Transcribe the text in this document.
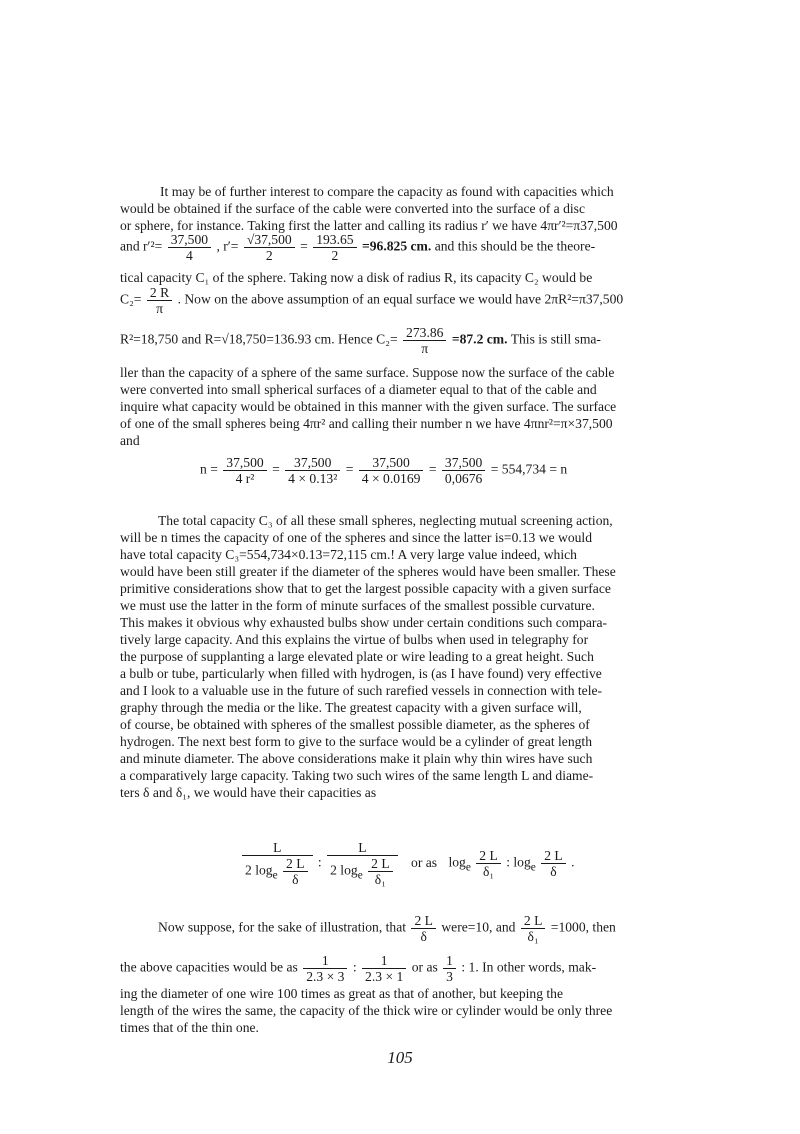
It may be of further interest to compare the capacity as found with capacities which
would be obtained if the surface of the cable were converted into the surface of a disc
or sphere, for instance. Taking first the latter and calling its radius r′ we have 4πr′²=π37,500
and $r'^2= \frac{37,500}{4}$ , $r'= \frac{√37,500}{2} = \frac{193.65}{2} =96.825$ cm. and this should be the theore-
tical capacity C₁ of the sphere. Taking now a disk of radius R, its capacity C₂ would be
$C_2= \frac{2 R}{\pi}$ . Now on the above assumption of an equal surface we would have 2πR²=π37,500
R²=18,750 and R=√18,750=136.93 cm. Hence $C_2= \frac{273.86}{\pi} =87.2$ cm. This is still sma-
ller than the capacity of a sphere of the same surface. Suppose now the surface of the cable
were converted into small spherical surfaces of a diameter equal to that of the cable and
inquire what capacity would be obtained in this manner with the given surface. The surface
of one of the small spheres being 4πr² and calling their number n we have 4πnr²=π×37,500
and
$n = \frac{37,500}{\text{4 r²}} = \frac{37,500}{\text{4 × 0.13²}} = \frac{37,500}{4 \times 0.0169} = \frac{37,500}{0,0676} = 554,734 = n$
The total capacity C₃ of all these small spheres, neglecting mutual screening action,
will be n times the capacity of one of the spheres and since the latter is=0.13 we would
have total capacity C₃=554,734×0.13=72,115 cm.! A very large value indeed, which
would have been still greater if the diameter of the spheres would have been smaller. These
primitive considerations show that to get the largest possible capacity with a given surface
we must use the latter in the form of minute surfaces of the smallest possible curvature.
This makes it obvious why exhausted bulbs show under certain conditions such compara-
tively large capacity. And this explains the virtue of bulbs when used in telegraphy for
the purpose of supplanting a large elevated plate or wire leading to a great height. Such
a bulb or tube, particularly when filled with hydrogen, is (as I have found) very effective
and I look to a valuable use in the future of such rarefied vessels in connection with tele-
graphy through the media or the like. The greatest capacity with a given surface will,
of course, be obtained with spheres of the smallest possible diameter, as the spheres of
hydrogen. The next best form to give to the surface would be a cylinder of great length
and minute diameter. The above considerations make it plain why thin wires have such
a comparatively large capacity. Taking two such wires of the same length L and diame-
ters δ and δ₁, we would have their capacities as
$\frac{L}{2 \log_e \frac{2 L}{\delta}}$ : $\frac{L}{2 \log_e \frac{2 L}{\text{δ₁}}}$ or as $\log_e \frac{2 L}{\text{δ₁}}$ : $\log_e \frac{2 L}{\delta}$ .
Now suppose, for the sake of illustration, that $\frac{2 L}{\delta}$ were=10, and $\frac{2 L}{\text{δ₁}} =1000$, then
the above capacities would be as $\frac{1}{2.3 \times 3}$ : $\frac{1}{2.3 \times 1}$ or as $\frac{1}{3}$ : 1. In other words, mak-
ing the diameter of one wire 100 times as great as that of another, but keeping the
length of the wires the same, the capacity of the thick wire or cylinder would be only three
times that of the thin one.
105
